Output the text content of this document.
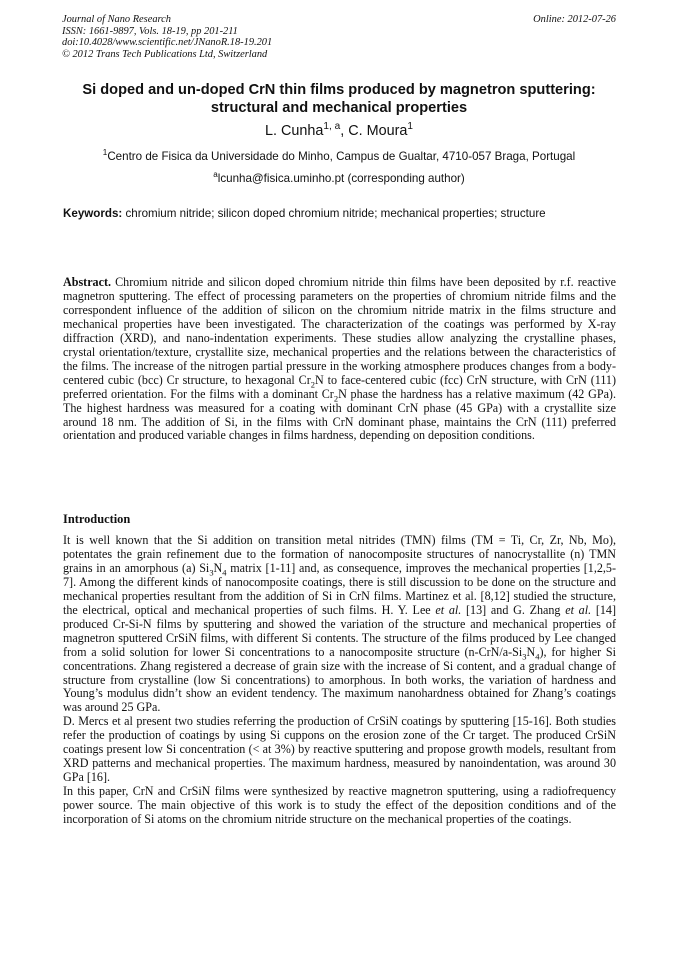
Journal of Nano Research
ISSN: 1661-9897, Vols. 18-19, pp 201-211
doi:10.4028/www.scientific.net/JNanoR.18-19.201
© 2012 Trans Tech Publications Ltd, Switzerland
Online: 2012-07-26
Si doped and un-doped CrN thin films produced by magnetron sputtering: structural and mechanical properties
L. Cunha$^{1, a}$, C. Moura$^1$
$^1$Centro de Fisica da Universidade do Minho, Campus de Gualtar, 4710-057 Braga, Portugal
$^a$lcunha@fisica.uminho.pt (corresponding author)
Keywords: chromium nitride; silicon doped chromium nitride; mechanical properties; structure
Abstract. Chromium nitride and silicon doped chromium nitride thin films have been deposited by r.f. reactive magnetron sputtering. The effect of processing parameters on the properties of chromium nitride films and the correspondent influence of the addition of silicon on the chromium nitride matrix in the films structure and mechanical properties have been investigated. The characterization of the coatings was performed by X-ray diffraction (XRD), and nano-indentation experiments. These studies allow analyzing the crystalline phases, crystal orientation/texture, crystallite size, mechanical properties and the relations between the characteristics of the films. The increase of the nitrogen partial pressure in the working atmosphere produces changes from a body-centered cubic (bcc) Cr structure, to hexagonal $Cr_2N$ to face-centered cubic (fcc) CrN structure, with CrN (111) preferred orientation. For the films with a dominant $Cr_2N$ phase the hardness has a relative maximum (42 GPa). The highest hardness was measured for a coating with dominant CrN phase (45 GPa) with a crystallite size around 18 nm. The addition of Si, in the films with CrN dominant phase, maintains the CrN (111) preferred orientation and produced variable changes in films hardness, depending on deposition conditions.
Introduction
It is well known that the Si addition on transition metal nitrides (TMN) films (TM = Ti, Cr, Zr, Nb, Mo), potentates the grain refinement due to the formation of nanocomposite structures of nanocrystallite (n) TMN grains in an amorphous (a) $Si_3N_4$ matrix [1-11] and, as consequence, improves the mechanical properties [1,2,5-7]. Among the different kinds of nanocomposite coatings, there is still discussion to be done on the structure and mechanical properties resultant from the addition of Si in CrN films. Martinez et al. [8,12] studied the structure, the electrical, optical and mechanical properties of such films. H. Y. Lee et al. [13] and G. Zhang et al. [14] produced Cr-Si-N films by sputtering and showed the variation of the structure and mechanical properties of magnetron sputtered CrSiN films, with different Si contents. The structure of the films produced by Lee changed from a solid solution for lower Si concentrations to a nanocomposite structure $(n-CrN/a-Si_3N_4)$, for higher Si concentrations. Zhang registered a decrease of grain size with the increase of Si content, and a gradual change of structure from crystalline (low Si concentrations) to amorphous. In both works, the variation of hardness and Young’s modulus didn’t show an evident tendency. The maximum nanohardness obtained for Zhang’s coatings was around 25 GPa.
D. Mercs et al present two studies referring the production of CrSiN coatings by sputtering [15-16]. Both studies refer the production of coatings by using Si cuppons on the erosion zone of the Cr target. The produced CrSiN coatings present low Si concentration (< at 3%) by reactive sputtering and propose growth models, resultant from XRD patterns and mechanical properties. The maximum hardness, measured by nanoindentation, was around 30 GPa [16].
In this paper, CrN and CrSiN films were synthesized by reactive magnetron sputtering, using a radiofrequency power source. The main objective of this work is to study the effect of the deposition conditions and of the incorporation of Si atoms on the chromium nitride structure on the mechanical properties of the coatings.
